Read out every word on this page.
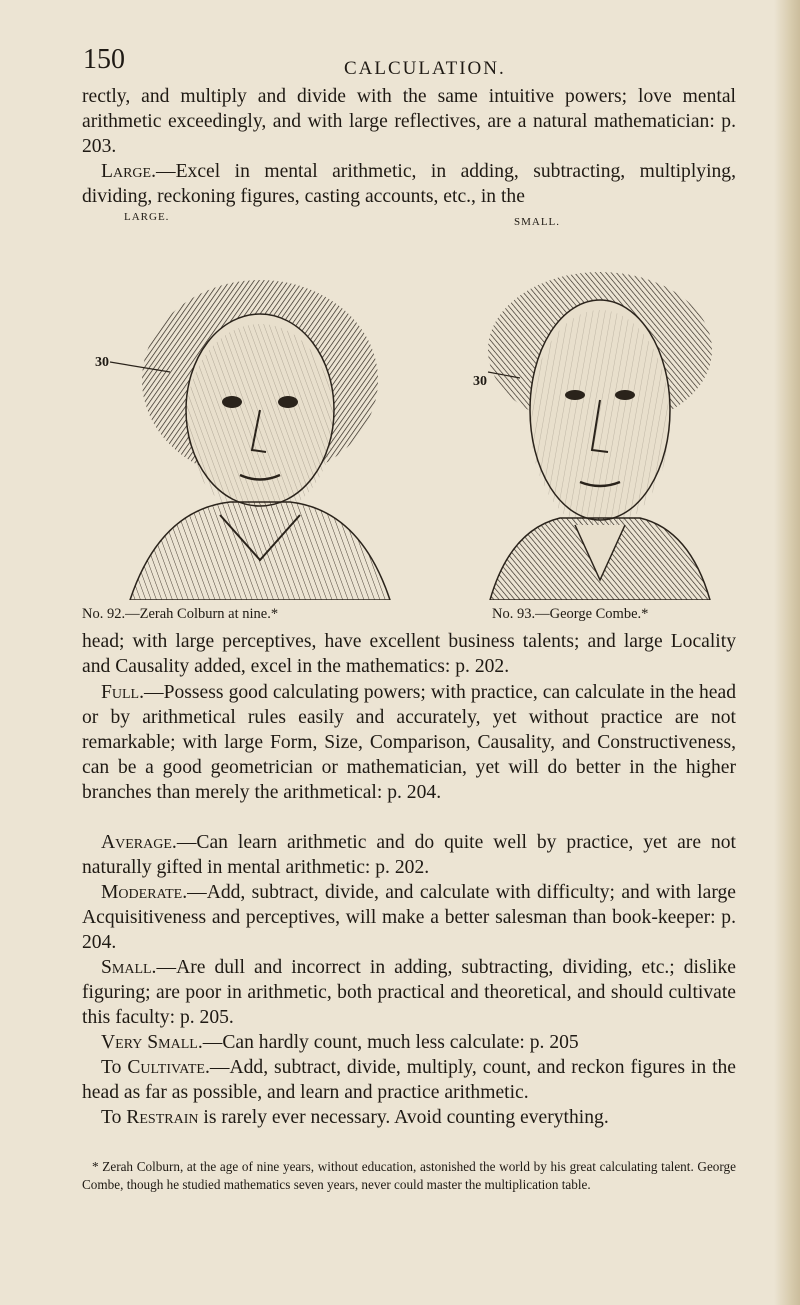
150	CALCULATION.

rectly, and multiply and divide with the same intuitive powers; love mental arithmetic exceedingly, and with large reflectives, are a natural mathematician: p. 203.

Large.—Excel in mental arithmetic, in adding, subtracting, multiplying, dividing, reckoning figures, casting accounts, etc., in the

LARGE.	SMALL.
30
30
No. 92.—Zerah Colburn at nine.*	No. 93.—George Combe.*

head; with large perceptives, have excellent business talents; and large Locality and Causality added, excel in the mathematics: p. 202.

Full.—Possess good calculating powers; with practice, can calculate in the head or by arithmetical rules easily and accurately, yet without practice are not remarkable; with large Form, Size, Comparison, Causality, and Constructiveness, can be a good geometrician or mathematician, yet will do better in the higher branches than merely the arithmetical: p. 204.

Average.—Can learn arithmetic and do quite well by practice, yet are not naturally gifted in mental arithmetic: p. 202.

Moderate.—Add, subtract, divide, and calculate with difficulty; and with large Acquisitiveness and perceptives, will make a better salesman than book-keeper: p. 204.

Small.—Are dull and incorrect in adding, subtracting, dividing, etc.; dislike figuring; are poor in arithmetic, both practical and theoretical, and should cultivate this faculty: p. 205.

Very Small.—Can hardly count, much less calculate: p. 205

To Cultivate.—Add, subtract, divide, multiply, count, and reckon figures in the head as far as possible, and learn and practice arithmetic.

To Restrain is rarely ever necessary. Avoid counting everything.

* Zerah Colburn, at the age of nine years, without education, astonished the world by his great calculating talent. George Combe, though he studied mathematics seven years, never could master the multiplication table.
